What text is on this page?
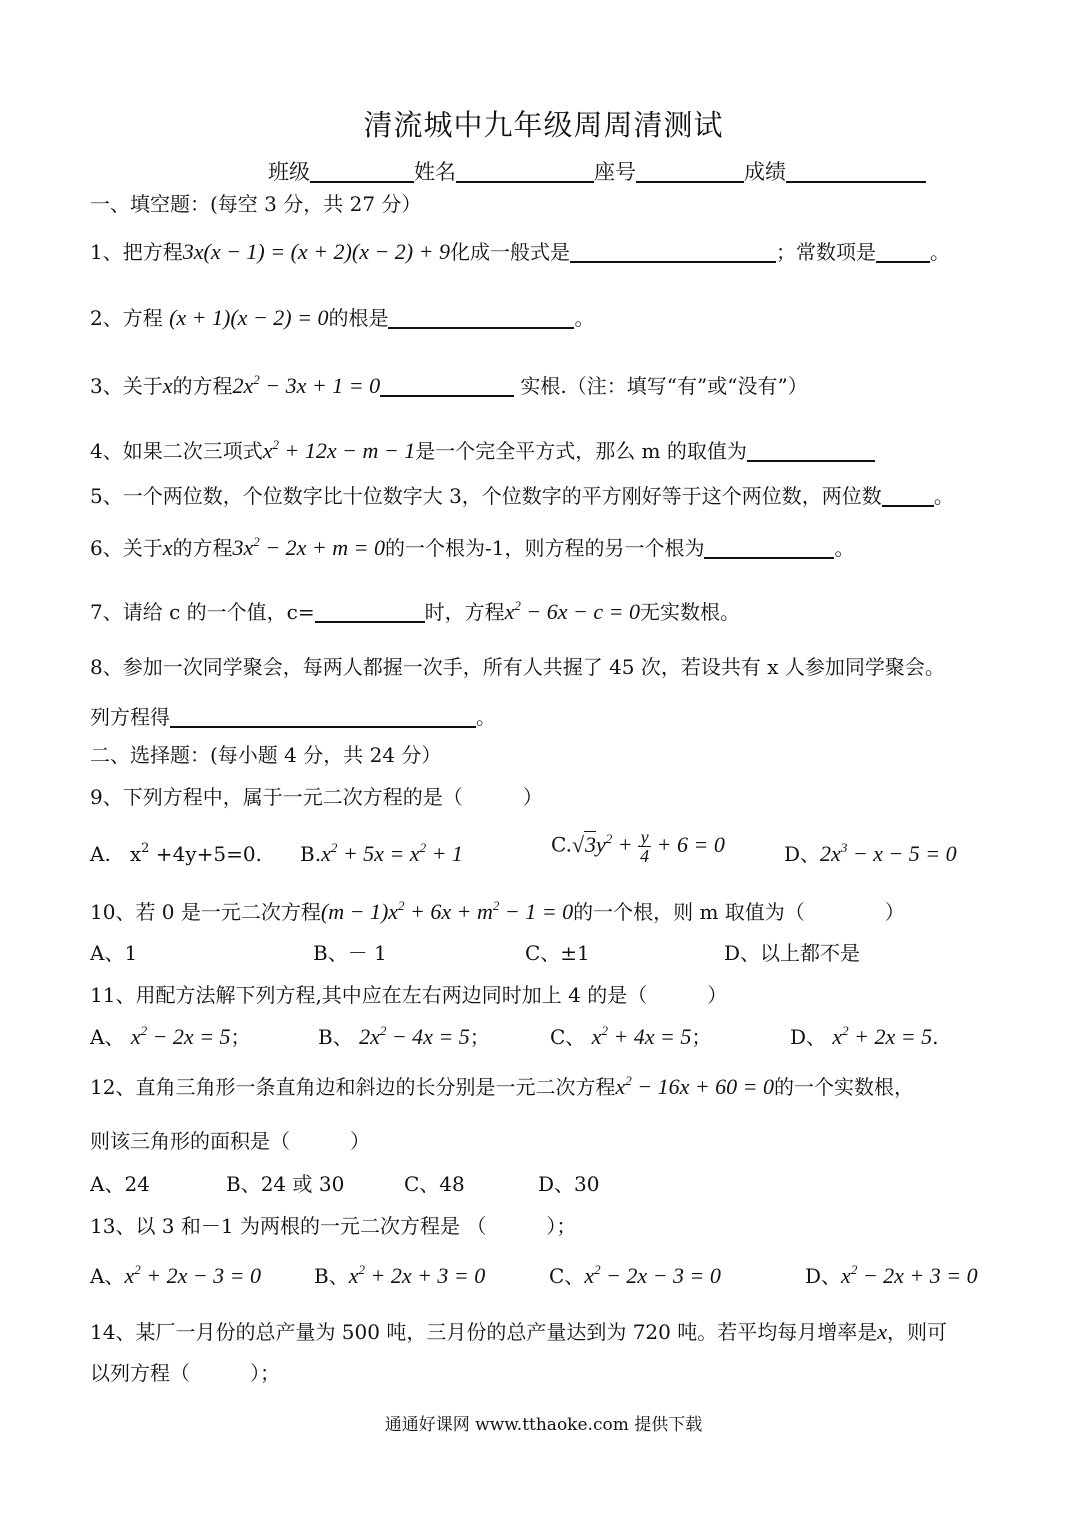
清流城中九年级周周清测试
班级	姓名	座号	成绩
一、填空题：(每空 3 分，共 27 分）
1、把方程3x(x − 1) = (x + 2)(x − 2) + 9化成一般式是	；常数项是	。
2、方程 (x + 1)(x − 2) = 0的根是	。
3、关于x的方程$2x^2 - 3x + 1 = 0$	实根.（注：填写“有”或“没有”）
4、如果二次三项式$x^2 + 12x - m - 1$是一个完全平方式，那么 m 的取值为
5、一个两位数，个位数字比十位数字大 3，个位数字的平方刚好等于这个两位数，两位数	。
6、关于x的方程$3x^2 - 2x + m = 0$的一个根为-1，则方程的另一个根为	。
7、请给 c 的一个值，c=	时，方程$x^2 - 6x - c = 0$无实数根。
8、参加一次同学聚会，每两人都握一次手，所有人共握了 45 次，若设共有 x 人参加同学聚会。
列方程得	。
二、选择题：(每小题 4 分，共 24 分）
9、下列方程中，属于一元二次方程的是（　　　）
A. $x^2 +4y+5=0$. $B.x^2 + 5x = x^2 + 1$	$C.√3y^2 + \frac{y}{4} + 6 = 0$	D、$2x^3 - x - 5 = 0$
10、若 0 是一元二次方程$(m - 1)x^2 + 6x + m^2 - 1 = 0$的一个根，则 m 取值为（　　　　）
A、1	B、－ 1	C、±1	D、以上都不是
11、用配方法解下列方程,其中应在左右两边同时加上 4 的是（　　　）
A、 $x^2 - 2x = 5$；	B、 $2x^2 - 4x = 5$；	C、 $x^2 + 4x = 5$；	D、 $x^2 + 2x = 5$.
12、直角三角形一条直角边和斜边的长分别是一元二次方程$x^2 - 16x + 60 = 0$的一个实数根，
则该三角形的面积是（　　　）
A、24	B、24 或 30	C、48	D、30
13、以 3 和－1 为两根的一元二次方程是 （　　　）；
A、$x^2 + 2x - 3 = 0$	B、$x^2 + 2x + 3 = 0$	C、$x^2 - 2x - 3 = 0$	D、$x^2 - 2x + 3 = 0$
14、某厂一月份的总产量为 500 吨，三月份的总产量达到为 720 吨。若平均每月增率是x，则可
以列方程（　　　）；
通通好课网 www.tthaoke.com 提供下载
